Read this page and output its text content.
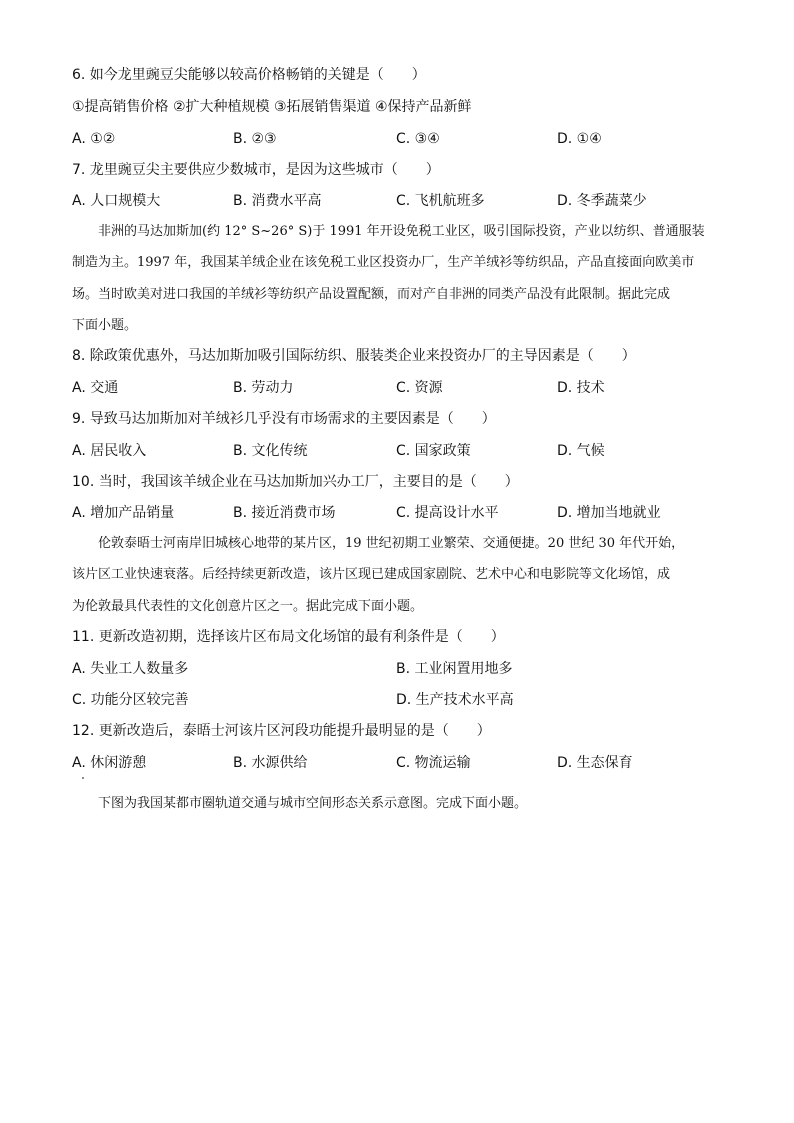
6. 如今龙里豌豆尖能够以较高价格畅销的关键是（　　）
①提高销售价格 ②扩大种植规模 ③拓展销售渠道 ④保持产品新鲜
A. ①②	B. ②③	C. ③④	D. ①④
7. 龙里豌豆尖主要供应少数城市，是因为这些城市（　　）
A. 人口规模大	B. 消费水平高	C. 飞机航班多	D. 冬季蔬菜少
非洲的马达加斯加(约 12° S~26° S)于 1991 年开设免税工业区，吸引国际投资，产业以纺织、普通服装
制造为主。1997 年，我国某羊绒企业在该免税工业区投资办厂，生产羊绒衫等纺织品，产品直接面向欧美市
场。当时欧美对进口我国的羊绒衫等纺织产品设置配额，而对产自非洲的同类产品没有此限制。据此完成
下面小题。
8. 除政策优惠外，马达加斯加吸引国际纺织、服装类企业来投资办厂的主导因素是（　　）
A. 交通	B. 劳动力	C. 资源	D. 技术
9. 导致马达加斯加对羊绒衫几乎没有市场需求的主要因素是（　　）
A. 居民收入	B. 文化传统	C. 国家政策	D. 气候
10. 当时，我国该羊绒企业在马达加斯加兴办工厂，主要目的是（　　）
A. 增加产品销量	B. 接近消费市场	C. 提高设计水平	D. 增加当地就业
伦敦泰晤士河南岸旧城核心地带的某片区，19 世纪初期工业繁荣、交通便捷。20 世纪 30 年代开始，
该片区工业快速衰落。后经持续更新改造，该片区现已建成国家剧院、艺术中心和电影院等文化场馆，成
为伦敦最具代表性的文化创意片区之一。据此完成下面小题。
11. 更新改造初期，选择该片区布局文化场馆的最有利条件是（　　）
A. 失业工人数量多	B. 工业闲置用地多
C. 功能分区较完善	D. 生产技术水平高
12. 更新改造后，泰晤士河该片区河段功能提升最明显的是（　　）
A. 休闲游憩	B. 水源供给	C. 物流运输	D. 生态保育
下图为我国某都市圈轨道交通与城市空间形态关系示意图。完成下面小题。
